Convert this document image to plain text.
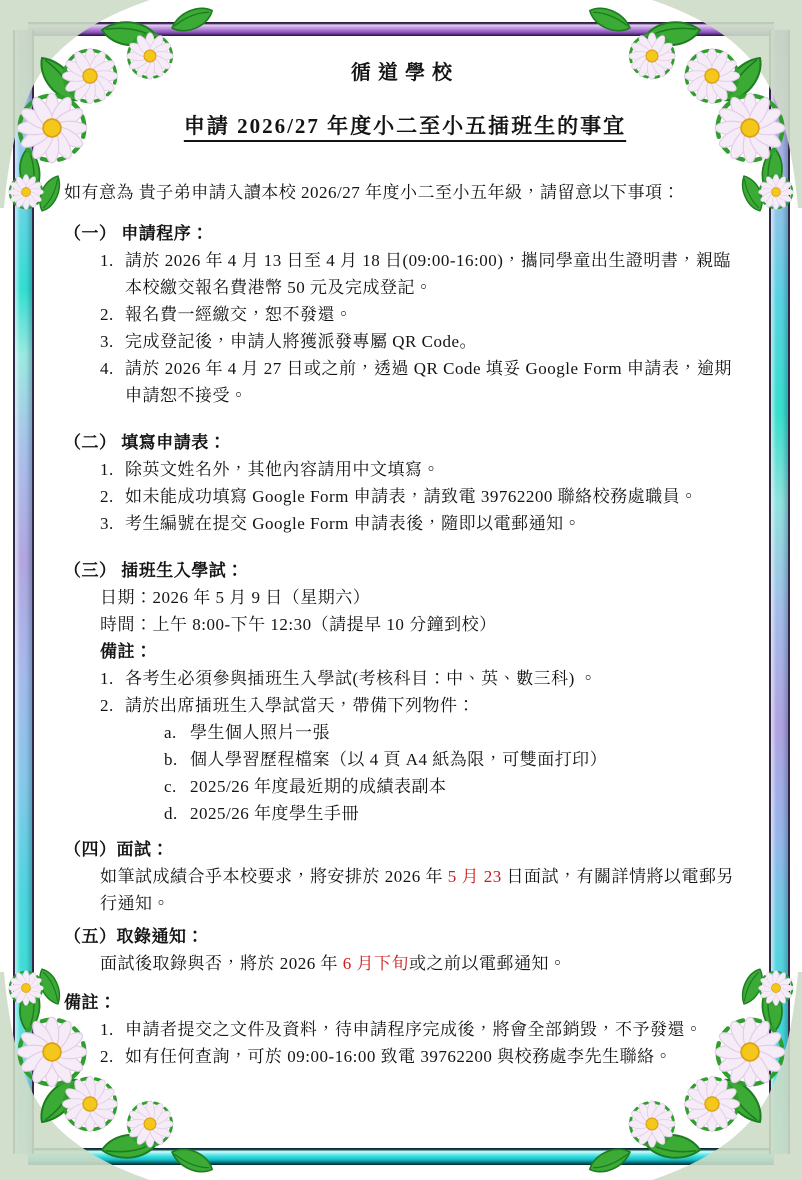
循道學校
申請 2026/27 年度小二至小五插班生的事宜

如有意為 貴子弟申請入讀本校 2026/27 年度小二至小五年級，請留意以下事項：

（一） 申請程序：
請於 2026 年 4 月 13 日至 4 月 18 日(09:00-16:00)，攜同學童出生證明書，親臨本校繳交報名費港幣 50 元及完成登記。
報名費一經繳交，恕不發還。
完成登記後，申請人將獲派發專屬 QR Code。
請於 2026 年 4 月 27 日或之前，透過 QR Code 填妥 Google Form 申請表，逾期申請恕不接受。
（二） 填寫申請表：
除英文姓名外，其他內容請用中文填寫。
如未能成功填寫 Google Form 申請表，請致電 39762200 聯絡校務處職員。
考生編號在提交 Google Form 申請表後，隨即以電郵通知。
（三） 插班生入學試：
日期：2026 年 5 月 9 日（星期六）
時間：上午 8:00-下午 12:30（請提早 10 分鐘到校）
備註：
各考生必須參與插班生入學試(考核科目：中、英、數三科) 。
請於出席插班生入學試當天，帶備下列物件：
學生個人照片一張
個人學習歷程檔案（以 4 頁 A4 紙為限，可雙面打印）
2025/26 年度最近期的成績表副本
2025/26 年度學生手冊
（四）面試：

如筆試成績合乎本校要求，將安排於 2026 年 5 月 23 日面試，有關詳情將以電郵另行通知。

（五）取錄通知：

面試後取錄與否，將於 2026 年 6 月下旬或之前以電郵通知。

備註：
申請者提交之文件及資料，待申請程序完成後，將會全部銷毀，不予發還。
如有任何查詢，可於 09:00-16:00 致電 39762200 與校務處李先生聯絡。
